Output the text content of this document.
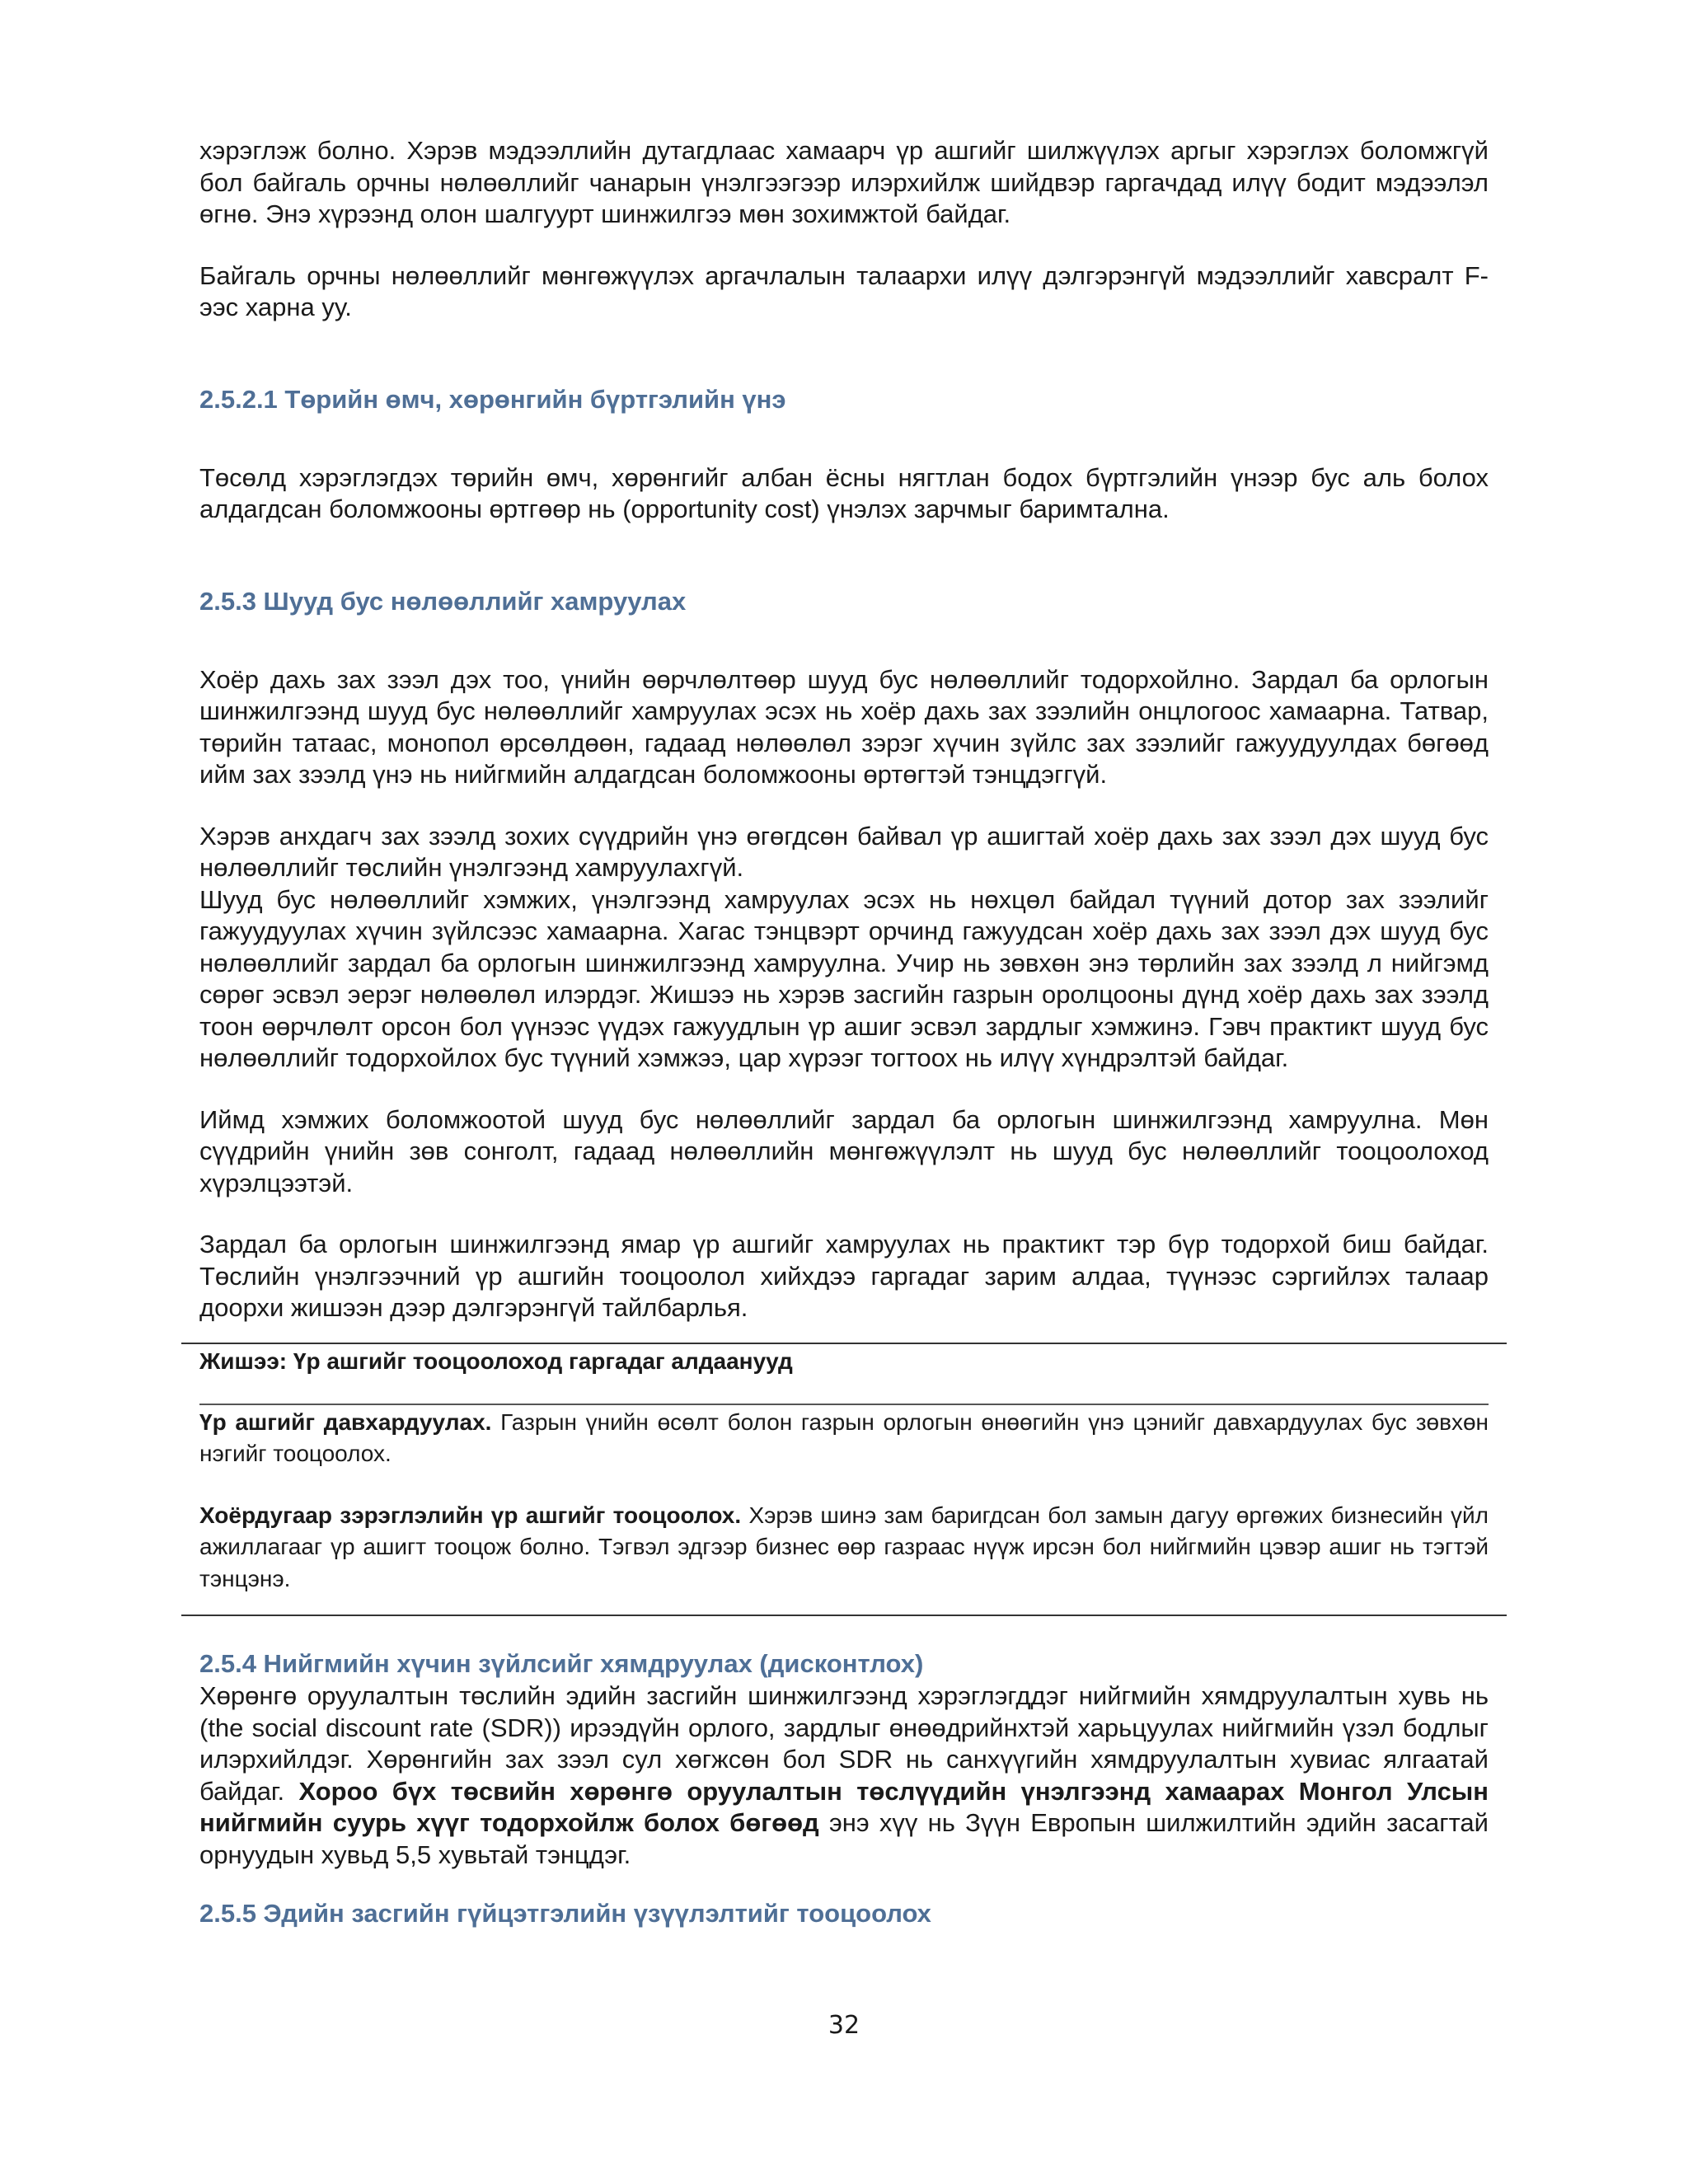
хэрэглэж болно. Хэрэв мэдээллийн дутагдлаас хамаарч үр ашгийг шилжүүлэх аргыг хэрэглэх боломжгүй бол байгаль орчны нөлөөллийг чанарын үнэлгээгээр илэрхийлж шийдвэр гаргачдад илүү бодит мэдээлэл өгнө. Энэ хүрээнд олон шалгуурт шинжилгээ мөн зохимжтой байдаг.

Байгаль орчны нөлөөллийг мөнгөжүүлэх аргачлалын талаархи илүү дэлгэрэнгүй мэдээллийг хавсралт F-ээс харна уу.

2.5.2.1 Төрийн өмч, хөрөнгийн бүртгэлийн үнэ

Төсөлд хэрэглэгдэх төрийн өмч, хөрөнгийг албан ёсны нягтлан бодох бүртгэлийн үнээр бус аль болох алдагдсан боломжооны өртгөөр нь (opportunity cost) үнэлэх зарчмыг баримтална.

2.5.3 Шууд бус нөлөөллийг хамруулах

Хоёр дахь зах зээл дэх тоо, үнийн өөрчлөлтөөр шууд бус нөлөөллийг тодорхойлно. Зардал ба орлогын шинжилгээнд шууд бус нөлөөллийг хамруулах эсэх нь хоёр дахь зах зээлийн онцлогоос хамаарна. Татвар, төрийн татаас, монопол өрсөлдөөн, гадаад нөлөөлөл зэрэг хүчин зүйлс зах зээлийг гажуудуулдах бөгөөд ийм зах зээлд үнэ нь нийгмийн алдагдсан боломжооны өртөгтэй тэнцдэггүй.

Хэрэв анхдагч зах зээлд зохих сүүдрийн үнэ өгөгдсөн байвал үр ашигтай хоёр дахь зах зээл дэх шууд бус нөлөөллийг төслийн үнэлгээнд хамруулахгүй.

Шууд бус нөлөөллийг хэмжих, үнэлгээнд хамруулах эсэх нь нөхцөл байдал түүний дотор зах зээлийг гажуудуулах хүчин зүйлсээс хамаарна. Хагас тэнцвэрт орчинд гажуудсан хоёр дахь зах зээл дэх шууд бус нөлөөллийг зардал ба орлогын шинжилгээнд хамруулна. Учир нь зөвхөн энэ төрлийн зах зээлд л нийгэмд сөрөг эсвэл эерэг нөлөөлөл илэрдэг. Жишээ нь хэрэв засгийн газрын оролцооны дүнд хоёр дахь зах зээлд тоон өөрчлөлт орсон бол үүнээс үүдэх гажуудлын үр ашиг эсвэл зардлыг хэмжинэ. Гэвч практикт шууд бус нөлөөллийг тодорхойлох бус түүний хэмжээ, цар хүрээг тогтоох нь илүү хүндрэлтэй байдаг.

Иймд хэмжих боломжоотой шууд бус нөлөөллийг зардал ба орлогын шинжилгээнд хамруулна. Мөн сүүдрийн үнийн зөв сонголт, гадаад нөлөөллийн мөнгөжүүлэлт нь шууд бус нөлөөллийг тооцоолоход хүрэлцээтэй.

Зардал ба орлогын шинжилгээнд ямар үр ашгийг хамруулах нь практикт тэр бүр тодорхой биш байдаг. Төслийн үнэлгээчний үр ашгийн тооцоолол хийхдээ гаргадаг зарим алдаа, түүнээс сэргийлэх талаар доорхи жишээн дээр дэлгэрэнгүй тайлбарлья.

Жишээ: Үр ашгийг тооцоолоход гаргадаг алдаанууд

Үр ашгийг давхардуулах. Газрын үнийн өсөлт болон газрын орлогын өнөөгийн үнэ цэнийг давхардуулах бус зөвхөн нэгийг тооцоолох.

Хоёрдугаар зэрэглэлийн үр ашгийг тооцоолох. Хэрэв шинэ зам баригдсан бол замын дагуу өргөжих бизнесийн үйл ажиллагааг үр ашигт тооцож болно. Тэгвэл эдгээр бизнес өөр газраас нүүж ирсэн бол нийгмийн цэвэр ашиг нь тэгтэй тэнцэнэ.

2.5.4 Нийгмийн хүчин зүйлсийг хямдруулах (дисконтлох)

Хөрөнгө оруулалтын төслийн эдийн засгийн шинжилгээнд хэрэглэгддэг нийгмийн хямдруулалтын хувь нь (the social discount rate (SDR)) ирээдүйн орлого, зардлыг өнөөдрийнхтэй харьцуулах нийгмийн үзэл бодлыг илэрхийлдэг. Хөрөнгийн зах зээл сул хөгжсөн бол SDR нь санхүүгийн хямдруулалтын хувиас ялгаатай байдаг. Хороо бүх төсвийн хөрөнгө оруулалтын төслүүдийн үнэлгээнд хамаарах Монгол Улсын нийгмийн суурь хүүг тодорхойлж болох бөгөөд энэ хүү нь Зүүн Европын шилжилтийн эдийн засагтай орнуудын хувьд 5,5 хувьтай тэнцдэг.

2.5.5 Эдийн засгийн гүйцэтгэлийн үзүүлэлтийг тооцоолох

32
